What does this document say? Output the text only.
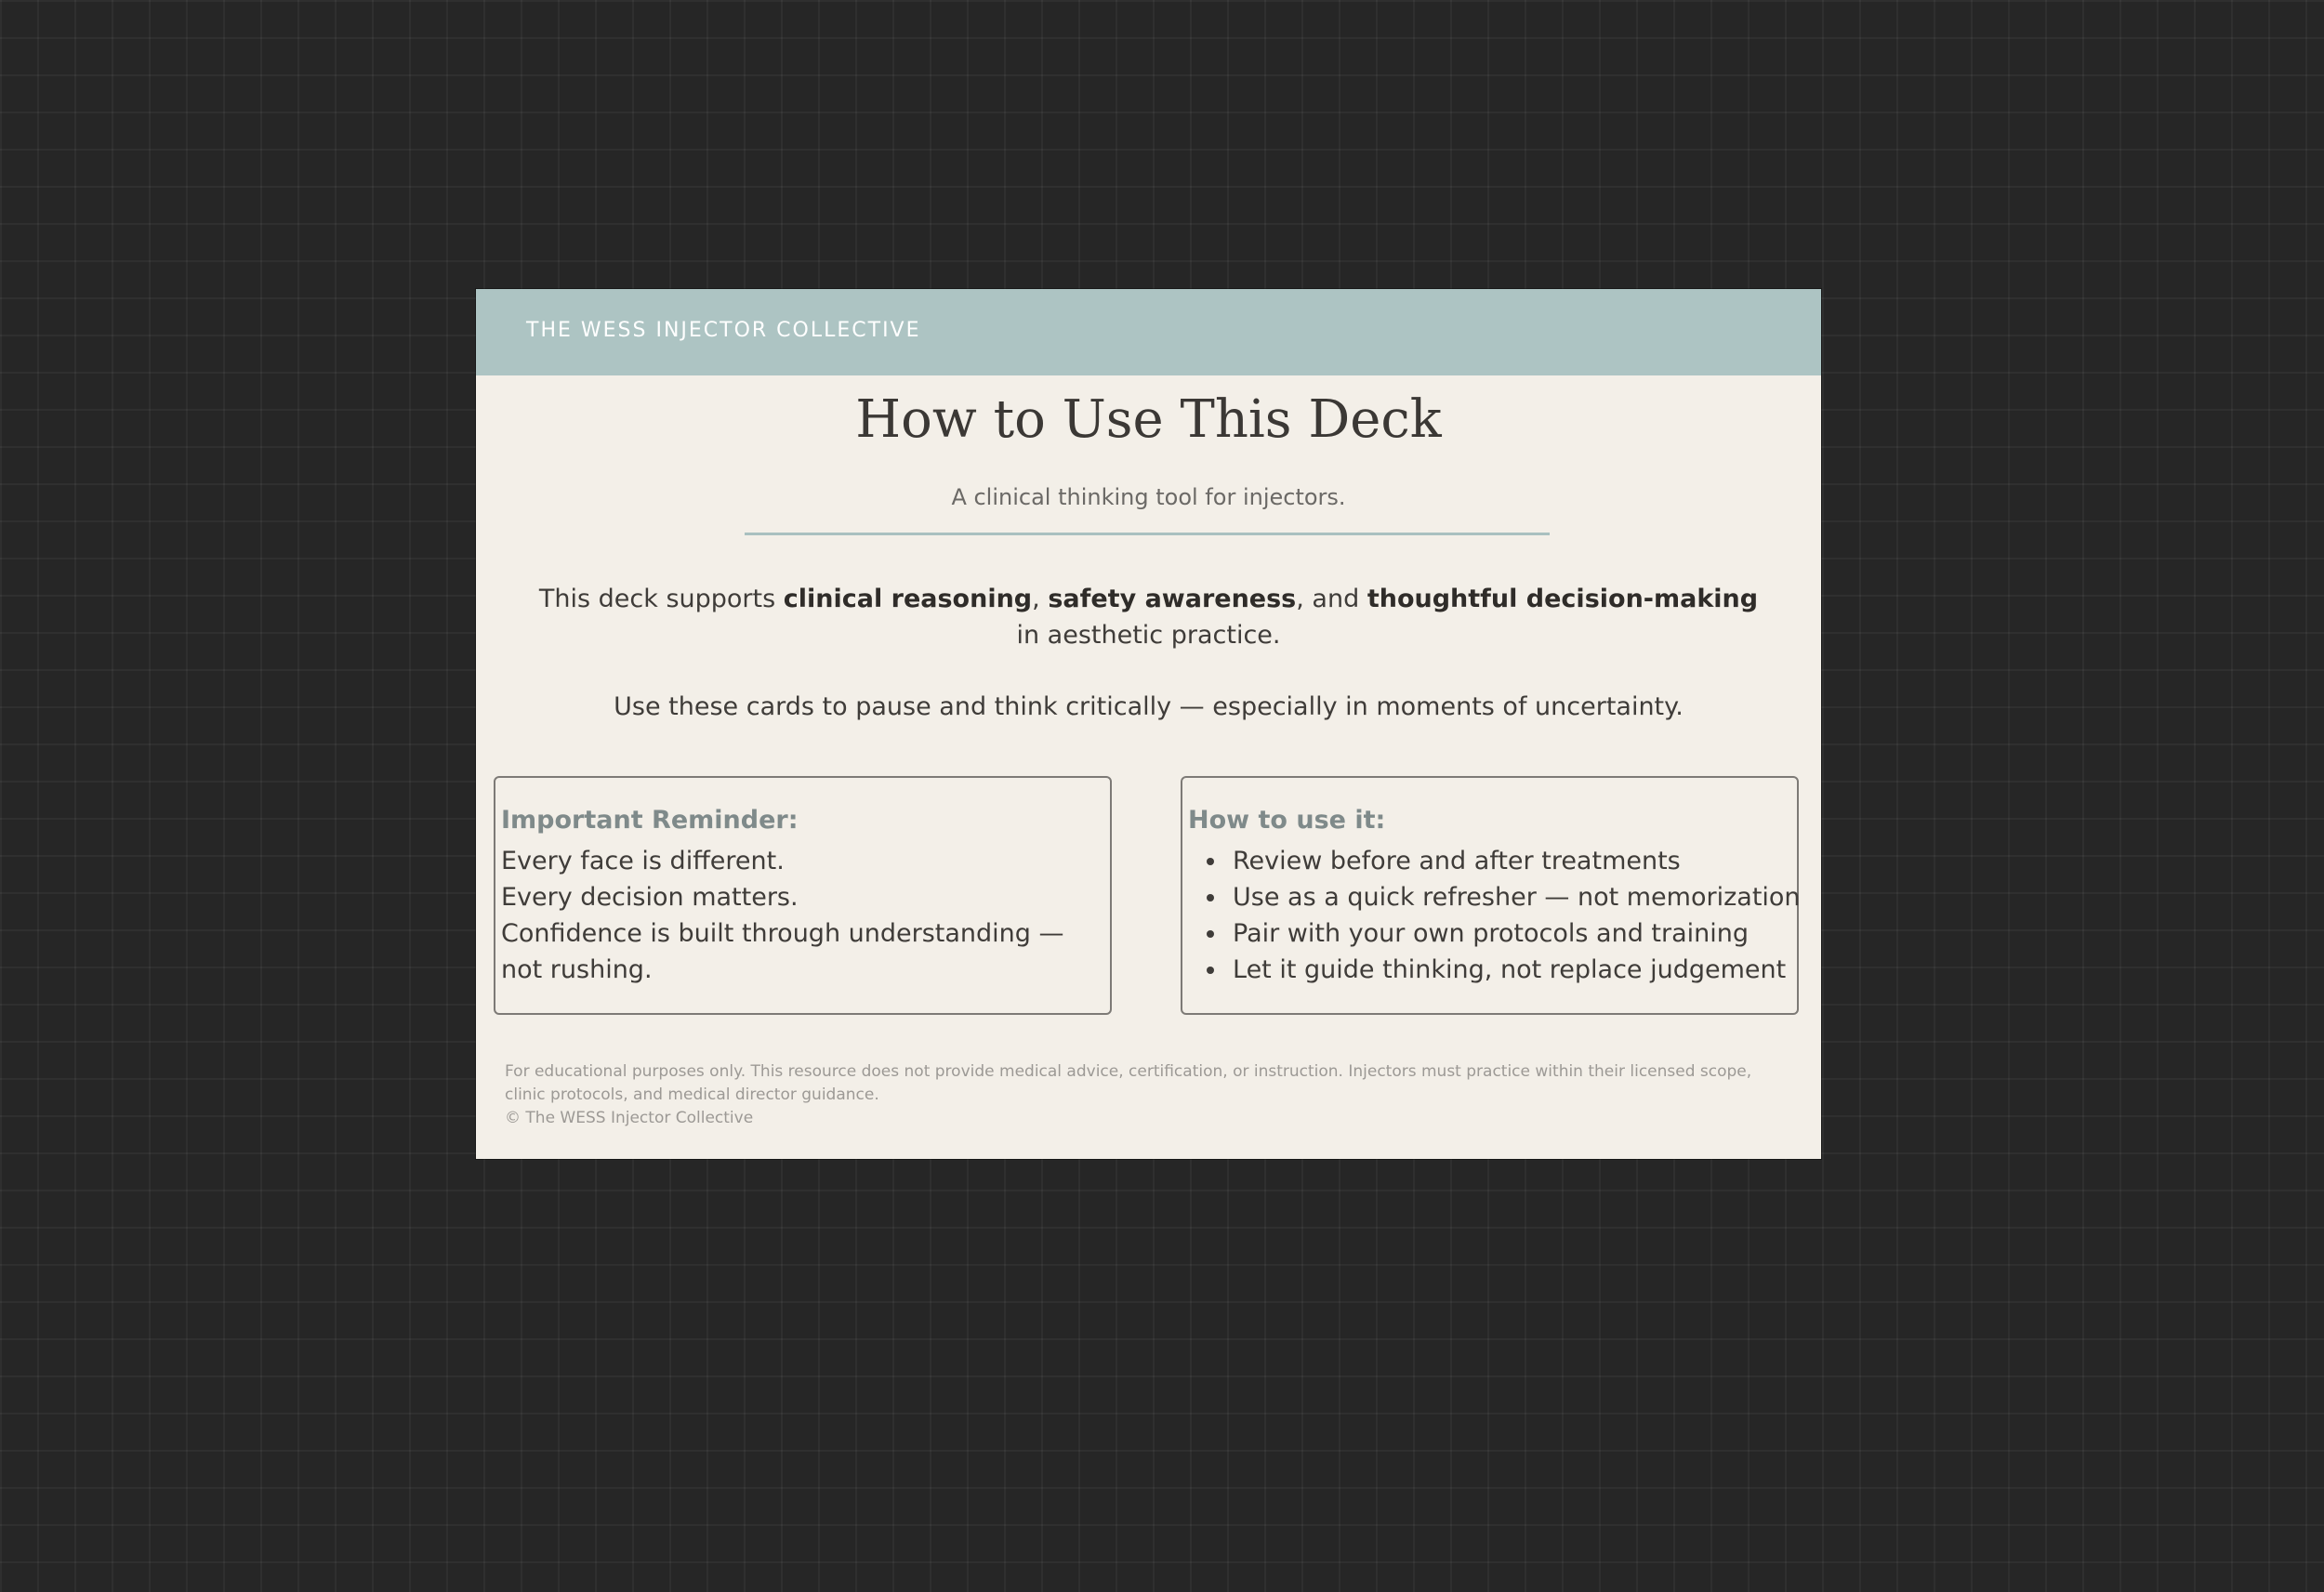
THE WESS INJECTOR COLLECTIVE
How to Use This Deck
A clinical thinking tool for injectors.
This deck supports clinical reasoning, safety awareness, and thoughtful decision-making
in aesthetic practice.
Use these cards to pause and think critically — especially in moments of uncertainty.
Important Reminder:
Every face is different.
Every decision matters.
Confidence is built through understanding — not rushing.
How to use it:
Review before and after treatments
Use as a quick refresher — not memorization
Pair with your own protocols and training
Let it guide thinking, not replace judgement
For educational purposes only. This resource does not provide medical advice, certification, or instruction. Injectors must practice within their licensed scope, clinic protocols, and medical director guidance.
© The WESS Injector Collective
